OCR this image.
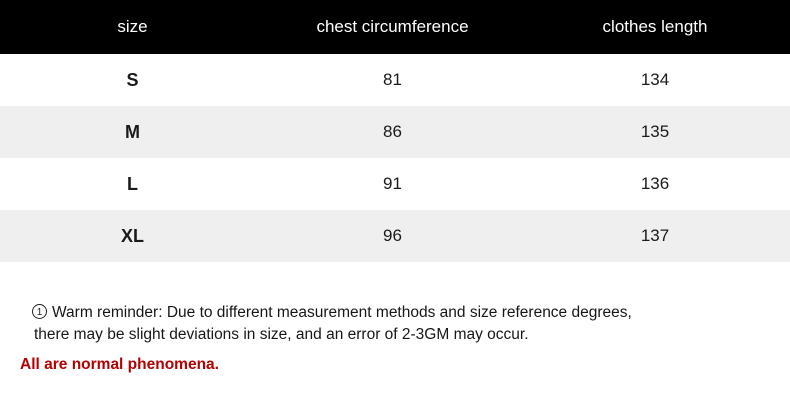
size	chest circumference	clothes length
S	81	134
M	86	135
L	91	136
XL	96	137
1 Warm reminder: Due to different measurement methods and size reference degrees,
there may be slight deviations in size, and an error of 2-3GM may occur.
All are normal phenomena.
